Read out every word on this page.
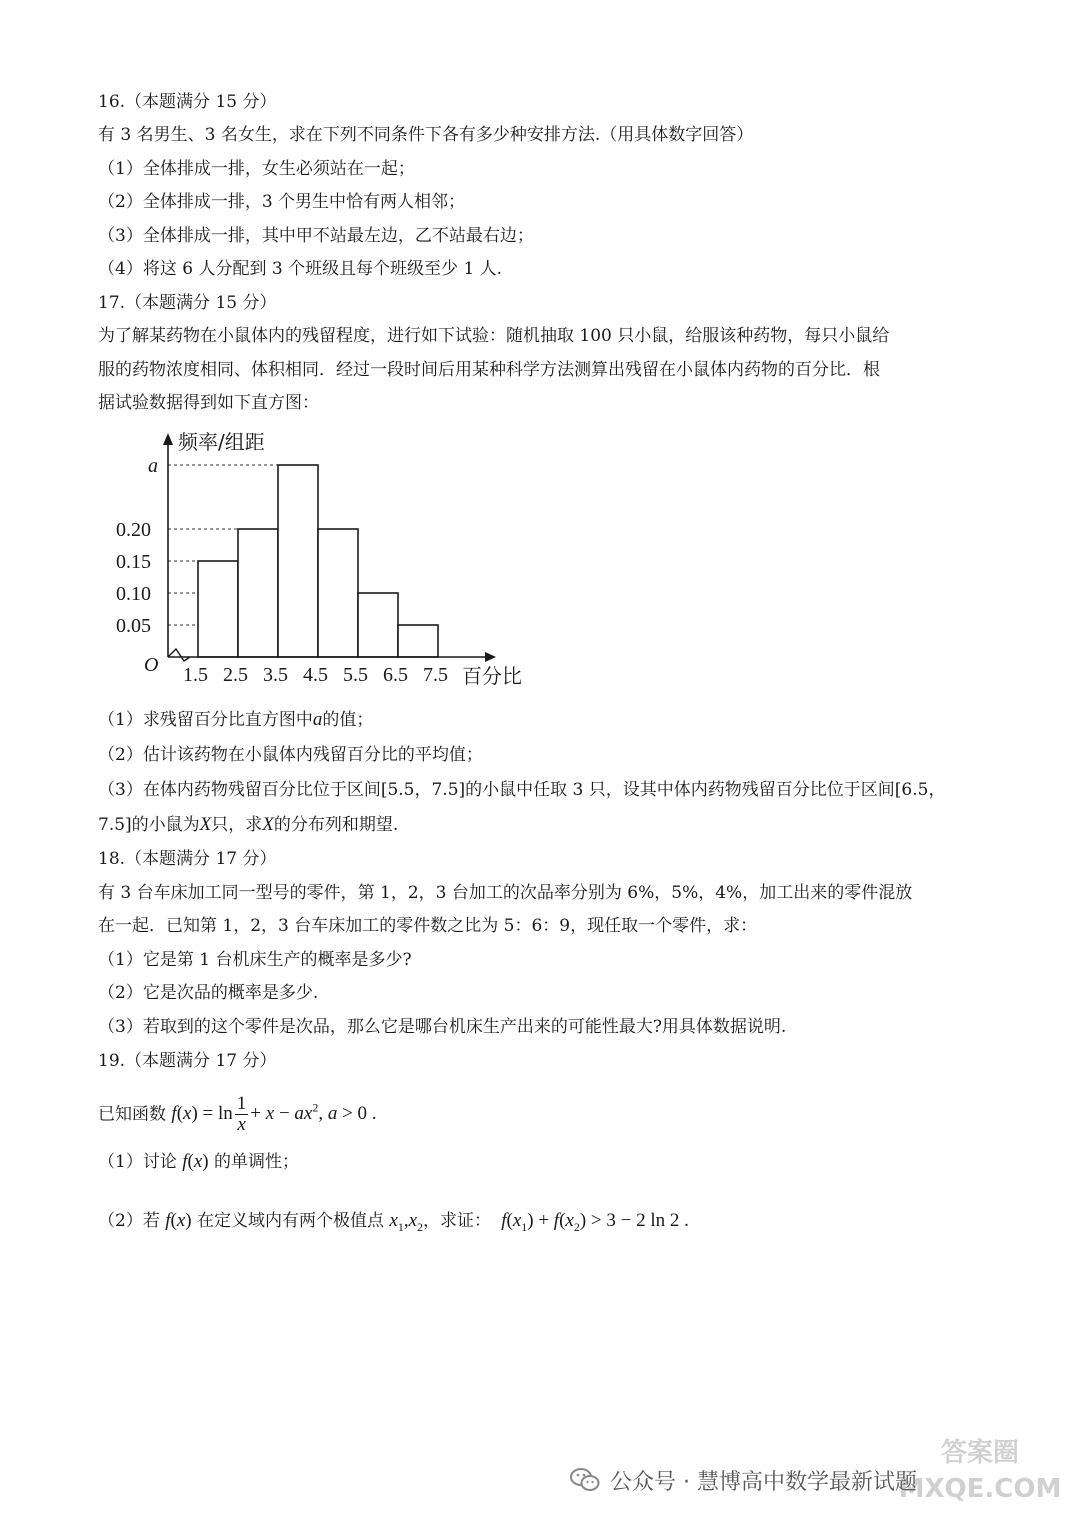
16.（本题满分 15 分）
有 3 名男生、3 名女生，求在下列不同条件下各有多少种安排方法.（用具体数字回答）
（1）全体排成一排，女生必须站在一起；
（2）全体排成一排，3 个男生中恰有两人相邻；
（3）全体排成一排，其中甲不站最左边，乙不站最右边；
（4）将这 6 人分配到 3 个班级且每个班级至少 1 人.
17.（本题满分 15 分）
为了解某药物在小鼠体内的残留程度，进行如下试验：随机抽取 100 只小鼠，给服该种药物，每只小鼠给
服的药物浓度相同、体积相同．经过一段时间后用某种科学方法测算出残留在小鼠体内药物的百分比．根
据试验数据得到如下直方图：
频率/组距
百分比
O
0.05
0.10
0.15
0.20
a
1.5 2.5 3.5 4.5 5.5 6.5 7.5
（1）求残留百分比直方图中a的值；
（2）估计该药物在小鼠体内残留百分比的平均值；
（3）在体内药物残留百分比位于区间[5.5，7.5]的小鼠中任取 3 只，设其中体内药物残留百分比位于区间[6.5，
7.5]的小鼠为X只，求X的分布列和期望.
18.（本题满分 17 分）
有 3 台车床加工同一型号的零件，第 1，2，3 台加工的次品率分别为 6%，5%，4%，加工出来的零件混放
在一起．已知第 1，2，3 台车床加工的零件数之比为 5：6：9，现任取一个零件，求：
（1）它是第 1 台机床生产的概率是多少?
（2）它是次品的概率是多少.
（3）若取到的这个零件是次品，那么它是哪台机床生产出来的可能性最大?用具体数据说明.
19.（本题满分 17 分）
已知函数 $f(x) = \ln \frac{1}{x} + x - ax^2$, a > 0 .
（1）讨论 f(x) 的单调性；
（2）若 f(x) 在定义域内有两个极值点 $x_1,x_2$，求证： $f(x_1) + f(x_2) > 3 - 2$ ln 2 .
公众号 · 慧博高中数学最新试题
答案圈
MXQE.COM
